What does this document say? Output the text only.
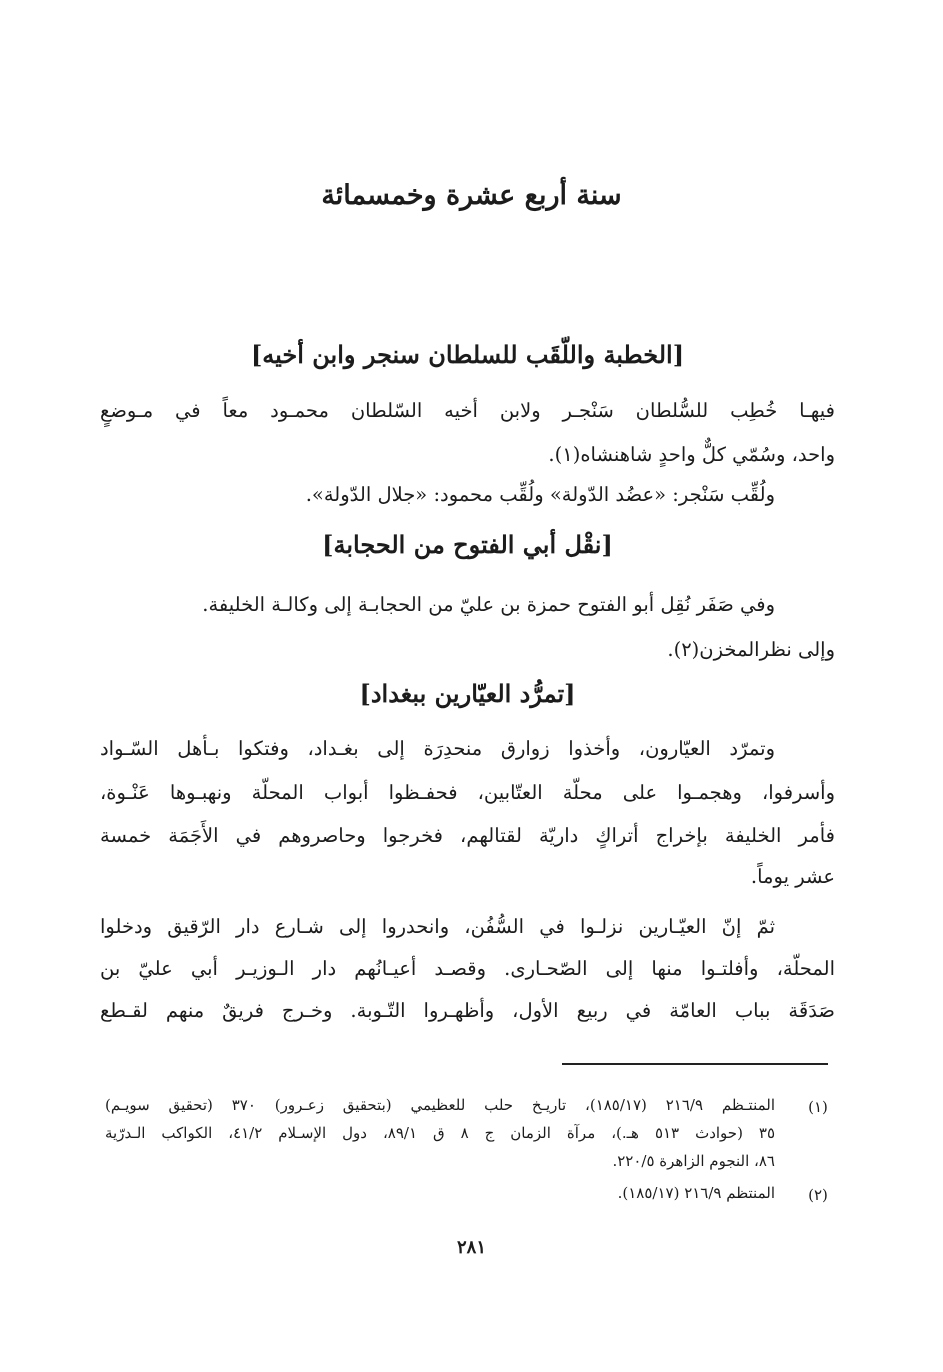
سنة أربع عشرة وخمسمائة
[الخطبة واللّقَب للسلطان سنجر وابن أخيه]
فيهـا خُطِب للسُّلطان سَنْجـر ولابن أخيه السّلطان محمـود معاً في مـوضعٍ
واحد، وسُمّي كلٌّ واحدٍ شاهنشاه(١).
ولُقِّب سَنْجر: «عضُد الدّولة» ولُقِّب محمود: «جلال الدّولة».
[نقْل أبي الفتوح من الحجابة]
وفي صَفَر نُقِل أبو الفتوح حمزة بن عليّ من الحجابـة إلى وكالـة الخليفة.
وإلى نظرالمخزن(٢).
[تمرُّد العيّارين ببغداد]
وتمرّد العيّارون، وأخذوا زوارق منحدِرَة إلى بغـداد، وفتكوا بـأهل السّـواد
وأسرفوا، وهجمـوا على محلّة العتّابين، فحفـظوا أبواب المحلّة ونهبـوها عَنْـوة،
فأمر الخليفة بإخراج أتراكٍ داريّة لقتالهم، فخرجوا وحاصروهم في الأَجَمَة خمسة
عشر يوماً.
ثمّ إنّ العيّـارين نزلـوا في السُّفُن، وانحدروا إلى شـارع دار الرّقيق ودخلوا
المحلّة، وأفلتـوا منها إلى الصّحـارى. وقصـد أعيـانُهم دار الـوزيـر أبي عليّ بن
صَدَقَة بباب العامّة في ربيع الأول، وأظهـروا التّـوبة. وخـرج فريقٌ منهم لقـطع
(١)
المنتـظم ٢١٦/٩ (١٨٥/١٧)، تاريـخ حلب للعظيمي (بتحقيق زعـرور) ٣٧٠ (تحقيق سويـم)
٣٥ (حوادث ٥١٣ هـ.)، مرآة الزمان ج ٨ ق ٨٩/١، دول الإسـلام ٤١/٢، الكواكب الـدرّية
٨٦، النجوم الزاهرة ٢٢٠/٥.
(٢)
المنتظم ٢١٦/٩ (١٨٥/١٧).
٢٨١
